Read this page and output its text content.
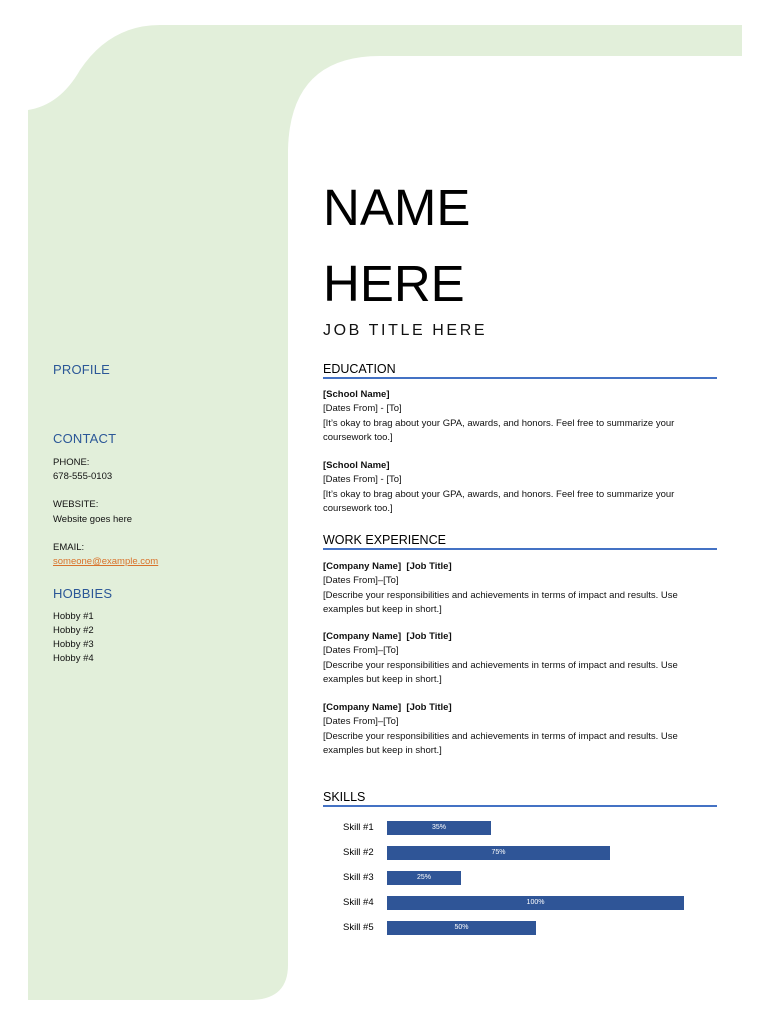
PROFILE
CONTACT

PHONE:

678-555-0103

WEBSITE:

Website goes here

EMAIL:

someone@example.com

HOBBIES

Hobby #1

Hobby #2

Hobby #3

Hobby #4

NAME
HERE

JOB TITLE HERE

EDUCATION

[School Name]

[Dates From] - [To]

[It’s okay to brag about your GPA, awards, and honors. Feel free to summarize your coursework too.]

[School Name]

[Dates From] - [To]

[It’s okay to brag about your GPA, awards, and honors. Feel free to summarize your coursework too.]

WORK EXPERIENCE

[Company Name]  [Job Title]

[Dates From]–[To]

[Describe your responsibilities and achievements in terms of impact and results. Use examples but keep in short.]

[Company Name]  [Job Title]

[Dates From]–[To]

[Describe your responsibilities and achievements in terms of impact and results. Use examples but keep in short.]

[Company Name]  [Job Title]

[Dates From]–[To]

[Describe your responsibilities and achievements in terms of impact and results. Use examples but keep in short.]

SKILLS
Skill #1	35%
Skill #2	75%
Skill #3	25%
Skill #4	100%
Skill #5	50%
